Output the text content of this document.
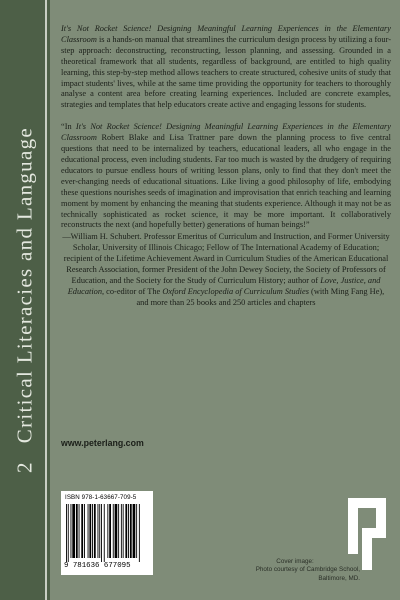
2Critical Literacies and Language

It's Not Rocket Science! Designing Meaningful Learning Experiences in the Elementary Classroom is a hands-on manual that streamlines the curriculum design process by utilizing a four-step approach: deconstructing, reconstructing, lesson planning, and assessing. Grounded in a theoretical framework that all students, regardless of background, are entitled to high quality learning, this step-by-step method allows teachers to create structured, cohesive units of study that impact students' lives, while at the same time providing the opportunity for teachers to thoroughly analyse a content area before creating learning experiences. Included are concrete examples, strategies and templates that help educators create active and engaging lessons for students.

“In It's Not Rocket Science! Designing Meaningful Learning Experiences in the Elementary Classroom Robert Blake and Lisa Trattner pare down the planning process to five central questions that need to be internalized by teachers, educational leaders, all who engage in the educational process, even including students. Far too much is wasted by the drudgery of requiring educators to pursue endless hours of writing lesson plans, only to find that they don't meet the ever-changing needs of educational situations. Like living a good philosophy of life, embodying these questions nourishes seeds of imagination and improvisation that enrich teaching and learning moment by moment by enhancing the meaning that students experience. Although it may not be as technically sophisticated as rocket science, it may be more important. It collaboratively reconstructs the next (and hopefully better) generations of human beings!”

—William H. Schubert. Professor Emeritus of Curriculum and Instruction, and Former University Scholar, University of Illinois Chicago; Fellow of The International Academy of Education; recipient of the Lifetime Achievement Award in Curriculum Studies of the American Educational Research Association, former President of the John Dewey Society, the Society of Professors of Education, and the Society for the Study of Curriculum History; author of Love, Justice, and Education, co-editor of The Oxford Encyclopedia of Curriculum Studies (with Ming Fang He), and more than 25 books and 250 articles and chapters

www.peterlang.com
ISBN 978-1-63667-709-5
9 781636 677095
Cover image:
Photo courtesy of Cambridge School, Baltimore, MD.
